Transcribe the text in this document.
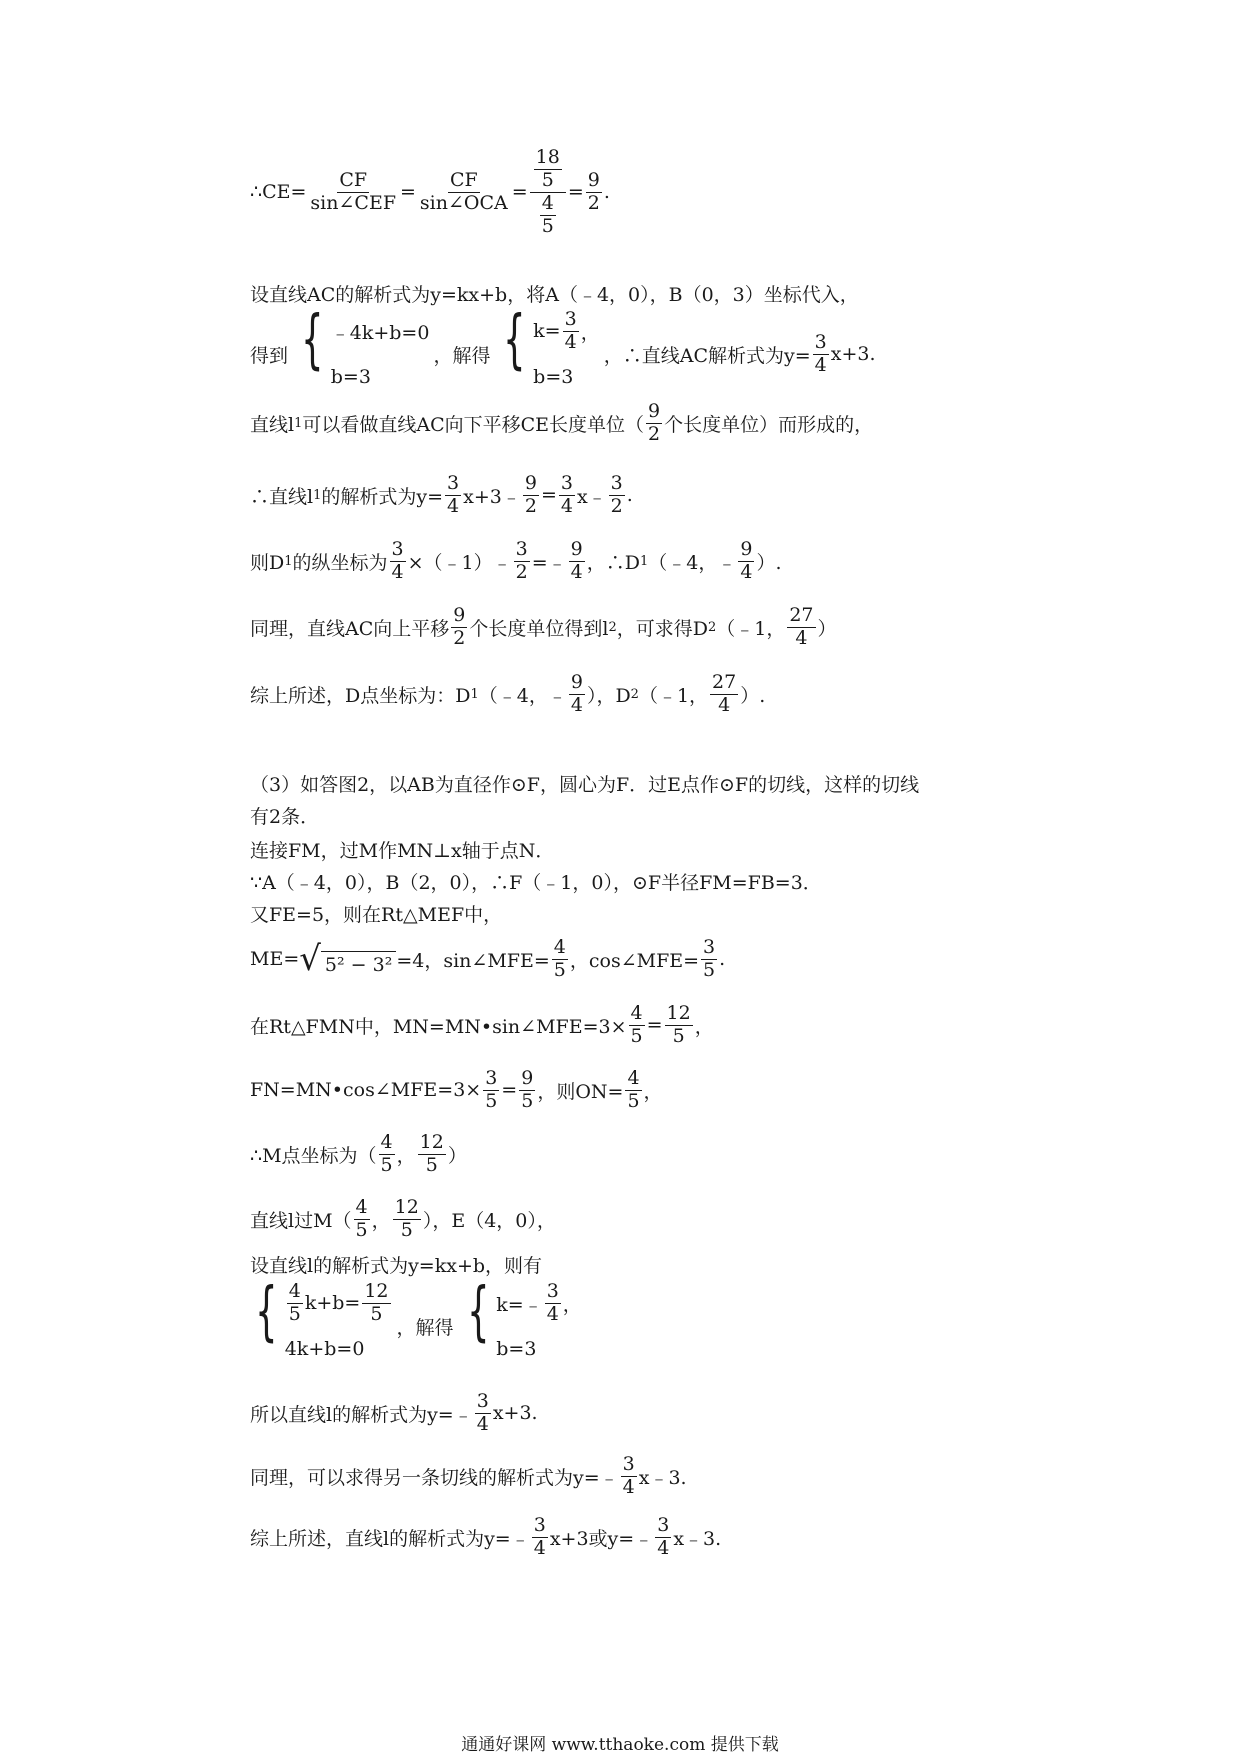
∴CE=
CF
sin∠CEF =
CF
sin∠OCA = $\frac{\frac{18}{5}}{\frac{4}{5}} = \frac{9}{2}$ .
设直线AC的解析式为y=kx+b，将A（﹣4，0），B（0，3）坐标代入，
得到 { ﹣4k+b=0
b=3
，解得 { $k= \frac{3}{4}$ ，
b=3
，∴直线AC解析式为$y= \frac{3}{4} x+3$.
直线l 1 可以看做直线AC向下平移CE长度单位（ $\frac{9}{2}$ 个长度单位）而形成的，
∴直线l 1 的解析式为$y= \frac{3}{4}$ x+3﹣ $\frac{9}{2} = \frac{3}{4}$ x﹣ $\frac{3}{2}$ .
则D 1 的纵坐标为 $\frac{3}{4}$ ×（﹣1）﹣ $\frac{3}{2}$ =﹣ $\frac{9}{4}$ ，∴D 1 （﹣4，﹣ $\frac{9}{4}$ ）.
同理，直线AC向上平移 $\frac{9}{2}$ 个长度单位得到l 2 ，可求得D 2 （﹣1， $\frac{27}{4}$ ）
综上所述，D点坐标为：D 1 （﹣4，﹣ $\frac{9}{4}$ ），D 2 （﹣1， $\frac{27}{4}$ ）.
（3）如答图2，以AB为直径作⊙F，圆心为F．过E点作⊙F的切线，这样的切线
有2条．
连接FM，过M作MN⊥x轴于点N．
∵A（﹣4，0），B（2，0），∴F（﹣1，0），⊙F半径FM=FB=3．
又FE=5，则在Rt△MEF中，
ME= √ 5² − 3² =4，sin∠MFE= $\frac{4}{5}$ ，cos∠MFE= $\frac{3}{5}$ .
在Rt△FMN中，MN=MN•sin∠MFE=3× $\frac{4}{5} = \frac{12}{5}$ ，
FN=MN•cos∠MFE=3× $\frac{3}{5} = \frac{9}{5}$ ，则$ON= \frac{4}{5}$ ，
∴M点坐标为（ $\frac{4}{5}$ ， $\frac{12}{5}$ ）
直线l过$M( \frac{4}{5}$ ， $\frac{12}{5}$ ），E（4，0），
设直线l的解析式为y=kx+b，则有
{ $\frac{4}{5} k+b= \frac{12}{5}$
4k+b=0
，解得 { k=﹣ $\frac{3}{4}$ ，
b=3
所以直线l的解析式为y=﹣ $\frac{3}{4} x+3$.
同理，可以求得另一条切线的解析式为y=﹣ $\frac{3}{4}$ x﹣3.
综上所述，直线l的解析式为y=﹣ $\frac{3}{4} x+3$或y=﹣ $\frac{3}{4}$ x﹣3.
通通好课网 www.tthaoke.com 提供下载
